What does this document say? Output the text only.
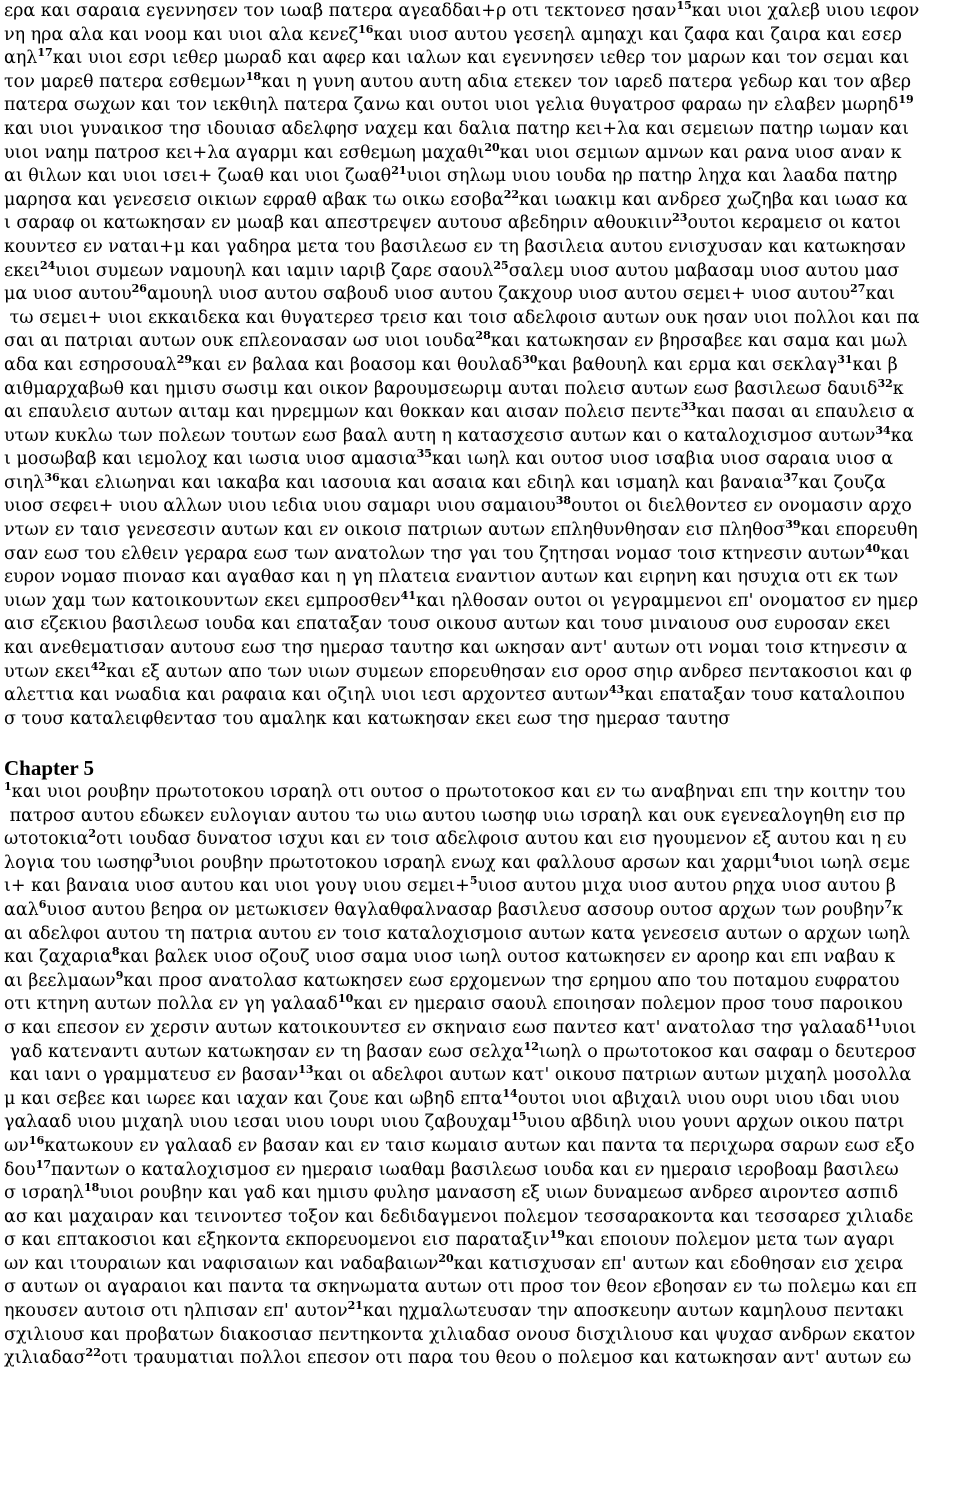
ερα και σαραια εγεννησεν τον ιωαβ πατερα αγεαδδαι+ρ οτι τεκτονεσ ησαν$^{15}$και υιοι χαλεβ υιου ιεφον
νη ηρα αλα και νοομ και υιοι αλα κενεζ$^{16}$και υιοσ αυτου γεσεηλ αμηαχι και ζαφα και ζαιρα και εσερ
αηλ$^{17}$και υιοι εσρι ιεθερ μωραδ και αφερ και ιαλων και εγεννησεν ιεθερ τον μαρων και τον σεμαι και
τον μαρεθ πατερα εσθεμων$^{18}$και η γυνη αυτου αυτη αδια ετεκεν τον ιαρεδ πατερα γεδωρ και τον αβερ
πατερα σωχων και τον ιεκθιηλ πατερα ζανω και ουτοι υιοι γελια θυγατροσ φαραω ην ελαβεν μωρηδ$^{19}$
και υιοι γυναικοσ τησ ιδουιασ αδελφησ ναχεμ και δαλια πατηρ κει+λα και σεμειων πατηρ ιωμαν και
υιοι ναημ πατροσ κει+λα αγαρμι και εσθεμωη μαχαθι$^{20}$και υιοι σεμιων αμνων και ρανα υιοσ αναν κ
αι θιλων και υιοι ισει+ ζωαθ και υιοι ζωαθ$^{21}$υιοι σηλωμ υιου ιουδα ηρ πατηρ ληχα και λaαδα πατηρ
μαρησα και γενεσεισ οικιων εφραθ αβακ τω οικω εσοβα$^{22}$και ιωακιμ και ανδρεσ χωζηβα και ιωασ κα
ι σαραφ οι κατωκησαν εν μωαβ και απεστρεψεν αυτουσ αβεδηριν αθουκιιν$^{23}$ουτοι κεραμεισ οι κατοι
κουντεσ εν ναται+μ και γαδηρα μετα του βασιλεωσ εν τη βασιλεια αυτου ενισχυσαν και κατωκησαν
εκει$^{24}$υιοι συμεων ναμουηλ και ιαμιν ιαριβ ζαρε σαουλ$^{25}$σαλεμ υιοσ αυτου μαβασαμ υιοσ αυτου μασ
μα υιοσ αυτου$^{26}$αμουηλ υιοσ αυτου σαβουδ υιοσ αυτου ζακχουρ υιοσ αυτου σεμει+ υιοσ αυτου$^{27}$και
τω σεμει+ υιοι εκκαιδεκα και θυγατερεσ τρεισ και τοισ αδελφοισ αυτων ουκ ησαν υιοι πολλοι και πα
σαι αι πατριαι αυτων ουκ επλεονασαν ωσ υιοι ιουδα$^{28}$και κατωκησαν εν βηρσαβεε και σαμα και μωλ
αδα και εσηρσουαλ$^{29}$και εν βαλαα και βοασομ και θουλαδ$^{30}$και βαθουηλ και ερμα και σεκλαγ$^{31}$και β
αιθμαρχαβωθ και ημισυ σωσιμ και οικον βαρουμσεωριμ αυται πολεισ αυτων εωσ βασιλεωσ δαυιδ$^{32}$κ
αι επαυλεισ αυτων αιταμ και ηνρεμμων και θοκκαν και αισαν πολεισ πεντε$^{33}$και πασαι αι επαυλεισ α
υτων κυκλω των πολεων τουτων εωσ βααλ αυτη η κατασχεσισ αυτων και ο καταλοχισμοσ αυτων$^{34}$κα
ι μοσωβαβ και ιεμολοχ και ιωσια υιοσ αμασια$^{35}$και ιωηλ και ουτοσ υιοσ ισαβια υιοσ σαραια υιοσ α
σιηλ$^{36}$και ελιωηναι και ιακαβα και ιασουια και ασαια και εδιηλ και ισμαηλ και βαναια$^{37}$και ζουζα
υιοσ σεφει+ υιου αλλων υιου ιεδια υιου σαμαρι υιου σαμαιου$^{38}$ουτοι οι διελθοντεσ εν ονομασιν αρχο
ντων εν ταισ γενεσεσιν αυτων και εν οικοισ πατριων αυτων επληθυνθησαν εισ πληθοσ$^{39}$και επορευθη
σαν εωσ του ελθειν γεραρα εωσ των ανατολων τησ γαι του ζητησαι νομασ τοισ κτηνεσιν αυτων$^{40}$και
ευρον νομασ πιονασ και αγαθασ και η γη πλατεια εναντιον αυτων και ειρηνη και ησυχια οτι εκ των
υιων χαμ των κατοικουντων εκει εμπροσθεν$^{41}$και ηλθοσαν ουτοι οι γεγραμμενοι επ' ονοματοσ εν ημερ
αισ εζεκιου βασιλεωσ ιουδα και επαταξαν τουσ οικουσ αυτων και τουσ μιναιουσ ουσ ευροσαν εκει
και ανεθεματισαν αυτουσ εωσ τησ ημερασ ταυτησ και ωκησαν αντ' αυτων οτι νομαι τοισ κτηνεσιν α
υτων εκει$^{42}$και εξ αυτων απο των υιων συμεων επορευθησαν εισ οροσ σηιρ ανδρεσ πεντακοσιοι και φ
αλεττια και νωαδια και ραφαια και οζιηλ υιοι ιεσι αρχοντεσ αυτων$^{43}$και επαταξαν τουσ καταλοιπου
σ τουσ καταλειφθεντασ του αμαληκ και κατωκησαν εκει εωσ τησ ημερασ ταυτησ
Chapter 5
$^1$και υιοι ρουβην πρωτοτοκου ισραηλ οτι ουτοσ ο πρωτοτοκοσ και εν τω αναβηναι επι την κοιτην του
πατροσ αυτου εδωκεν ευλογιαν αυτου τω υιω αυτου ιωσηφ υιω ισραηλ και ουκ εγενεαλογηθη εισ πρ
ωτοτοκια$^2$οτι ιουδασ δυνατοσ ισχυι και εν τοισ αδελφοισ αυτου και εισ ηγουμενον εξ αυτου και η ευ
λογια του ιωσηφ$^3$υιοι ρουβην πρωτοτοκου ισραηλ ενωχ και φαλλουσ αρσων και χαρμι$^4$υιοι ιωηλ σεμε
ι+ και βαναια υιοσ αυτου και υιοι γουγ υιου σεμει+$^5$υιοσ αυτου μιχα υιοσ αυτου ρηχα υιοσ αυτου β
ααλ$^6$υιοσ αυτου βεηρα ον μετωκισεν θαγλαθφαλνασαρ βασιλευσ ασσουρ ουτοσ αρχων των ρουβην$^7$κ
αι αδελφοι αυτου τη πατρια αυτου εν τοισ καταλοχισμοισ αυτων κατα γενεσεισ αυτων ο αρχων ιωηλ
και ζαχαρια$^8$και βαλεκ υιοσ οζουζ υιοσ σαμα υιοσ ιωηλ ουτοσ κατωκησεν εν αροηρ και επι ναβαυ κ
αι βεελμαων$^9$και προσ ανατολασ κατωκησεν εωσ ερχομενων τησ ερημου απο του ποταμου ευφρατου
οτι κτηνη αυτων πολλα εν γη γαλααδ$^{10}$και εν ημεραισ σαουλ εποιησαν πολεμον προσ τουσ παροικου
σ και επεσον εν χερσιν αυτων κατοικουντεσ εν σκηναισ εωσ παντεσ κατ' ανατολασ τησ γαλααδ$^{11}$υιοι
γαδ κατεναντι αυτων κατωκησαν εν τη βασαν εωσ σελχα$^{12}$ιωηλ ο πρωτοτοκοσ και σαφαμ ο δευτεροσ
και ιανι ο γραμματευσ εν βασαν$^{13}$και οι αδελφοι αυτων κατ' οικουσ πατριων αυτων μιχαηλ μοσολλα
μ και σεβεε και ιωρεε και ιαχαν και ζουε και ωβηδ επτα$^{14}$ουτοι υιοι αβιχαιλ υιου ουρι υιου ιδαι υιου
γαλααδ υιου μιχαηλ υιου ιεσαι υιου ιουρι υιου ζαβουχαμ$^{15}$υιου αβδιηλ υιου γουνι αρχων οικου πατρι
$\omega\nu^{16}\kappa\alpha\tau\omega\kappa o\upsilon\nu$ εν γαλααδ εν βασαν και εν ταισ κωμαισ αυτων και παντα τα περιχωρα σαρων εωσ εξο
δου$^{17}$παντων ο καταλοχισμοσ εν ημεραισ ιωαθαμ βασιλεωσ ιουδα και εν ημεραισ ιεροβοαμ βασιλεω
σ ισραηλ$^{18}$υιοι ρουβην και γαδ και ημισυ φυλησ μανασση εξ υιων δυναμεωσ ανδρεσ αιροντεσ ασπιδ
ασ και μαχαιραν και τεινοντεσ τοξον και δεδιδαγμενοι πολεμον τεσσαρακοντα και τεσσαρεσ χιλιαδε
σ και επτακοσιοι και εξηκοντα εκπορευομενοι εισ παραταξιν$^{19}$και εποιουν πολεμον μετα των αγαρι
ων και ιτουραιων και ναφισαιων και ναδαβαιων$^{20}$και κατισχυσαν επ' αυτων και εδοθησαν εισ χειρα
σ αυτων οι αγαραιοι και παντα τα σκηνωματα αυτων οτι προσ τον θεον εβοησαν εν τω πολεμω και επ
ηκουσεν αυτοισ οτι ηλπισαν επ' αυτον$^{21}$και ηχμαλωτευσαν την αποσκευην αυτων καμηλουσ πεντακι
σχιλιουσ και προβατων διακοσιασ πεντηκοντα χιλιαδασ ονουσ δισχιλιουσ και ψυχασ ανδρων εκατον
χιλιαδασ$^{22}$οτι τραυματιαι πολλοι επεσον οτι παρα του θεου ο πολεμοσ και κατωκησαν αντ' αυτων εω
